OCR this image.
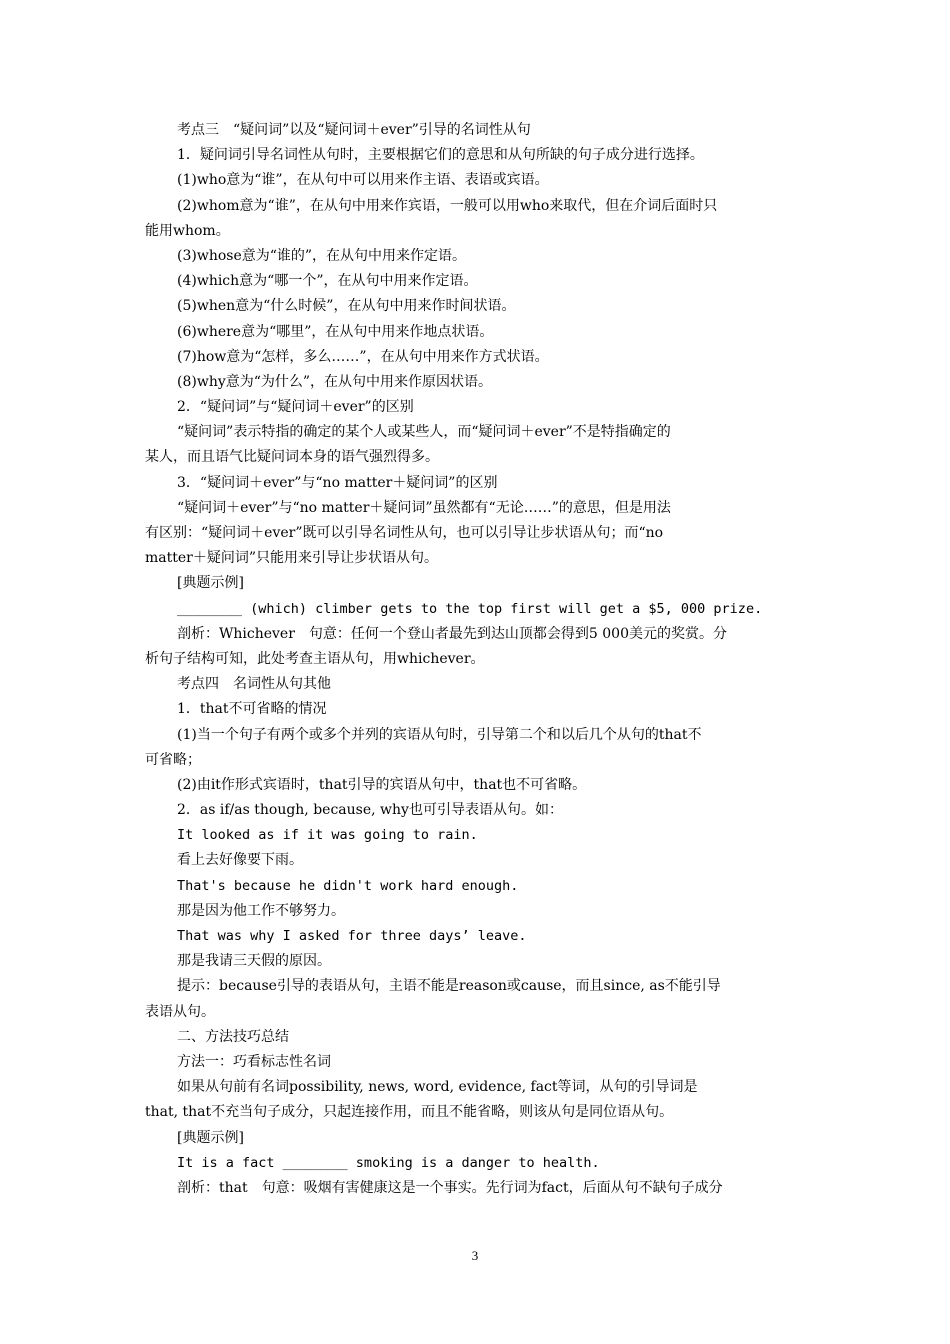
考点三　“疑问词”以及“疑问词＋ever”引导的名词性从句
1．疑问词引导名词性从句时，主要根据它们的意思和从句所缺的句子成分进行选择。
(1)who意为“谁”，在从句中可以用来作主语、表语或宾语。
(2)whom意为“谁”，在从句中用来作宾语，一般可以用who来取代，但在介词后面时只
能用whom。
(3)whose意为“谁的”，在从句中用来作定语。
(4)which意为“哪一个”，在从句中用来作定语。
(5)when意为“什么时候”，在从句中用来作时间状语。
(6)where意为“哪里”，在从句中用来作地点状语。
(7)how意为“怎样，多么……”，在从句中用来作方式状语。
(8)why意为“为什么”，在从句中用来作原因状语。
2．“疑问词”与“疑问词＋ever”的区别
“疑问词”表示特指的确定的某个人或某些人，而“疑问词＋ever”不是特指确定的
某人，而且语气比疑问词本身的语气强烈得多。
3．“疑问词＋ever”与“no matter＋疑问词”的区别
“疑问词＋ever”与“no matter＋疑问词”虽然都有“无论……”的意思，但是用法
有区别：“疑问词＋ever”既可以引导名词性从句，也可以引导让步状语从句；而“no
matter＋疑问词”只能用来引导让步状语从句。
[典题示例]
________ (which) climber gets to the top first will get a $5, 000 prize.
剖析：Whichever　句意：任何一个登山者最先到达山顶都会得到5 000美元的奖赏。分
析句子结构可知，此处考查主语从句，用whichever。
考点四　名词性从句其他
1．that不可省略的情况
(1)当一个句子有两个或多个并列的宾语从句时，引导第二个和以后几个从句的that不
可省略；
(2)由it作形式宾语时，that引导的宾语从句中，that也不可省略。
2．as if/as though, because, why也可引导表语从句。如：
It looked as if it was going to rain.
看上去好像要下雨。
That's because he didn't work hard enough.
那是因为他工作不够努力。
That was why I asked for three days’ leave.
那是我请三天假的原因。
提示：because引导的表语从句，主语不能是reason或cause，而且since, as不能引导
表语从句。
二、方法技巧总结
方法一：巧看标志性名词
如果从句前有名词possibility, news, word, evidence, fact等词，从句的引导词是
that, that不充当句子成分，只起连接作用，而且不能省略，则该从句是同位语从句。
[典题示例]
It is a fact ________ smoking is a danger to health.
剖析：that　句意：吸烟有害健康这是一个事实。先行词为fact，后面从句不缺句子成分
3
